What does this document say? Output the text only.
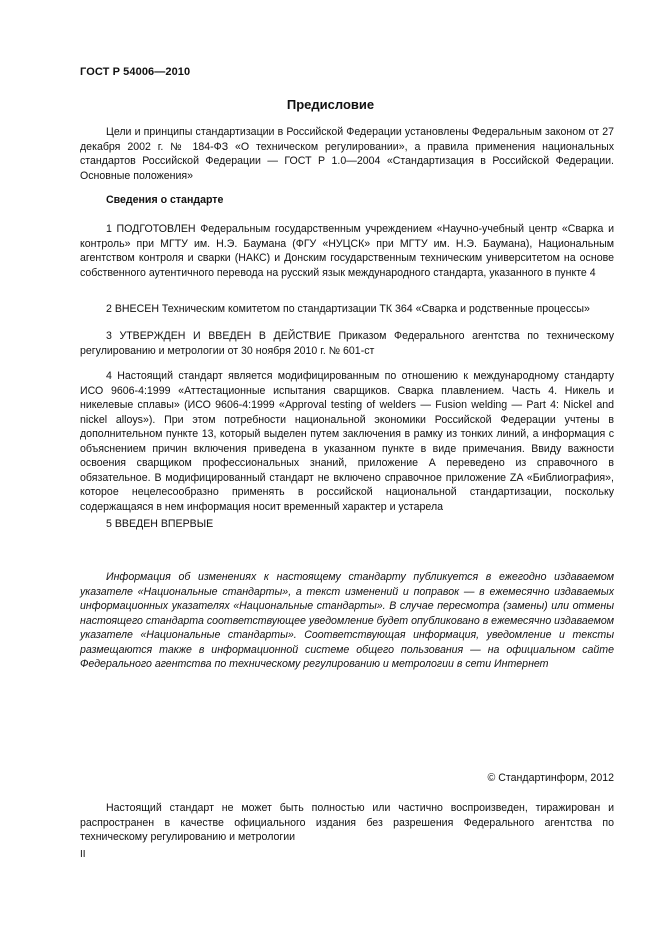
ГОСТ Р 54006—2010
Предисловие
Цели и принципы стандартизации в Российской Федерации установлены Федеральным законом от 27 декабря 2002 г. № 184-ФЗ «О техническом регулировании», а правила применения национальных стандартов Российской Федерации — ГОСТ Р 1.0—2004 «Стандартизация в Российской Федерации. Основные положения»
Сведения о стандарте
1 ПОДГОТОВЛЕН Федеральным государственным учреждением «Научно-учебный центр «Сварка и контроль» при МГТУ им. Н.Э. Баумана (ФГУ «НУЦСК» при МГТУ им. Н.Э. Баумана), Национальным агентством контроля и сварки (НАКС) и Донским государственным техническим университетом на основе собственного аутентичного перевода на русский язык международного стандарта, указанного в пункте 4
2 ВНЕСЕН Техническим комитетом по стандартизации ТК 364 «Сварка и родственные процессы»
3 УТВЕРЖДЕН И ВВЕДЕН В ДЕЙСТВИЕ Приказом Федерального агентства по техническому регулированию и метрологии от 30 ноября 2010 г. № 601-ст
4 Настоящий стандарт является модифицированным по отношению к международному стандарту ИСО 9606-4:1999 «Аттестационные испытания сварщиков. Сварка плавлением. Часть 4. Никель и никелевые сплавы» (ИСО 9606-4:1999 «Approval testing of welders — Fusion welding — Part 4: Nickel and nickel alloys»). При этом потребности национальной экономики Российской Федерации учтены в дополнительном пункте 13, который выделен путем заключения в рамку из тонких линий, а информация с объяснением причин включения приведена в указанном пункте в виде примечания. Ввиду важности освоения сварщиком профессиональных знаний, приложение А переведено из справочного в обязательное. В модифицированный стандарт не включено справочное приложение ZA «Библиография», которое нецелесообразно применять в российской национальной стандартизации, поскольку содержащаяся в нем информация носит временный характер и устарела
5 ВВЕДЕН ВПЕРВЫЕ
Информация об изменениях к настоящему стандарту публикуется в ежегодно издаваемом указателе «Национальные стандарты», а текст изменений и поправок — в ежемесячно издаваемых информационных указателях «Национальные стандарты». В случае пересмотра (замены) или отмены настоящего стандарта соответствующее уведомление будет опубликовано в ежемесячно издаваемом указателе «Национальные стандарты». Соответствующая информация, уведомление и тексты размещаются также в информационной системе общего пользования — на официальном сайте Федерального агентства по техническому регулированию и метрологии в сети Интернет
© Стандартинформ, 2012
Настоящий стандарт не может быть полностью или частично воспроизведен, тиражирован и распространен в качестве официального издания без разрешения Федерального агентства по техническому регулированию и метрологии
II
